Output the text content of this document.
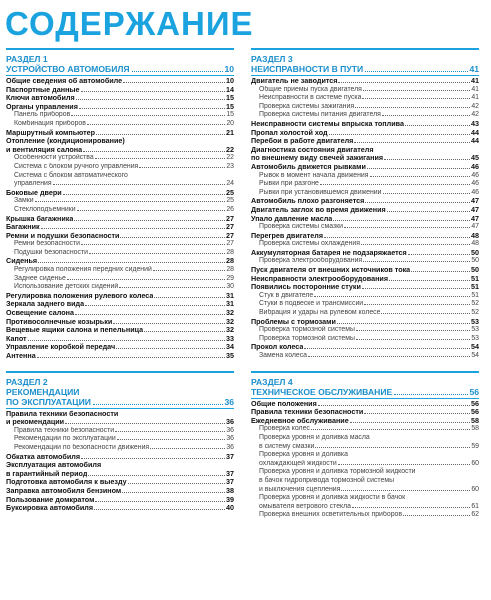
СОДЕРЖАНИЕ
РАЗДЕЛ 1
УСТРОЙСТВО АВТОМОБИЛЯ	10
Общие сведения об автомобиле	10
Паспортные данные	14
Ключи автомобиля	15
Органы управления	15
Панель приборов	15
Комбинация приборов	20
Маршрутный компьютер	21
Отопление (кондиционирование)
и вентиляция салона	22
Особенности устройства	22
Система с блоком ручного управления	23
Система с блоком автоматического
управления	24
Боковые двери	25
Замки	25
Стеклоподъемники	26
Крышка багажника	27
Багажник	27
Ремни и подушки безопасности	27
Ремни безопасности	27
Подушки безопасности	28
Сиденья	28
Регулировка положения передних сидений	28
Заднее сиденье	29
Использование детских сидений	30
Регулировка положения рулевого колеса	31
Зеркала заднего вида	31
Освещение салона	32
Противосолнечные козырьки	32
Вещевые ящики салона и пепельница	32
Капот	33
Управление коробкой передач	34
Антенна	35
РАЗДЕЛ 2
РЕКОМЕНДАЦИИ
ПО ЭКСПЛУАТАЦИИ	36
Правила техники безопасности
и рекомендации	36
Правила техники безопасности	36
Рекомендации по эксплуатации	36
Рекомендации по безопасности движения	36
Обкатка автомобиля	37
Эксплуатация автомобиля
в гарантийный период	37
Подготовка автомобиля к выезду	37
Заправка автомобиля бензином	38
Пользование домкратом	39
Буксировка автомобиля	40
РАЗДЕЛ 3
НЕИСПРАВНОСТИ В ПУТИ	41
Двигатель не заводится	41
Общие приемы пуска двигателя	41
Неисправности в системе пуска	41
Проверка системы зажигания	42
Проверка системы питания двигателя	42
Неисправности системы впрыска топлива	43
Пропал холостой ход	44
Перебои в работе двигателя	44
Диагностика состояния двигателя
по внешнему виду свечей зажигания	45
Автомобиль движется рывками	46
Рывок в момент начала движения	46
Рывки при разгоне	46
Рывки при установившемся движении	46
Автомобиль плохо разгоняется	47
Двигатель заглох во время движения	47
Упало давление масла	47
Проверка системы смазки	47
Перегрев двигателя	48
Проверка системы охлаждения	48
Аккумуляторная батарея не подзаряжается	50
Проверка электрооборудования	50
Пуск двигателя от внешних источников тока	50
Неисправности электрооборудования	51
Появились посторонние стуки	51
Стук в двигателе	51
Стуки в подвеске и трансмиссии	52
Вибрация и удары на рулевом колесе	52
Проблемы с тормозами	53
Проверка тормозной системы	53
Проверка тормозной системы	53
Прокол колеса	54
Замена колеса	54
РАЗДЕЛ 4
ТЕХНИЧЕСКОЕ ОБСЛУЖИВАНИЕ	56
Общие положения	56
Правила техники безопасности	56
Ежедневное обслуживание	58
Проверка колес	58
Проверка уровня и доливка масла
в систему смазки	59
Проверка уровня и доливка
охлаждающей жидкости	60
Проверка уровня и доливка тормозной жидкости
в бачок гидропривода тормозной системы
и выключения сцепления	60
Проверка уровня и доливка жидкости в бачок
омывателя ветрового стекла	61
Проверка внешних осветительных приборов	62
